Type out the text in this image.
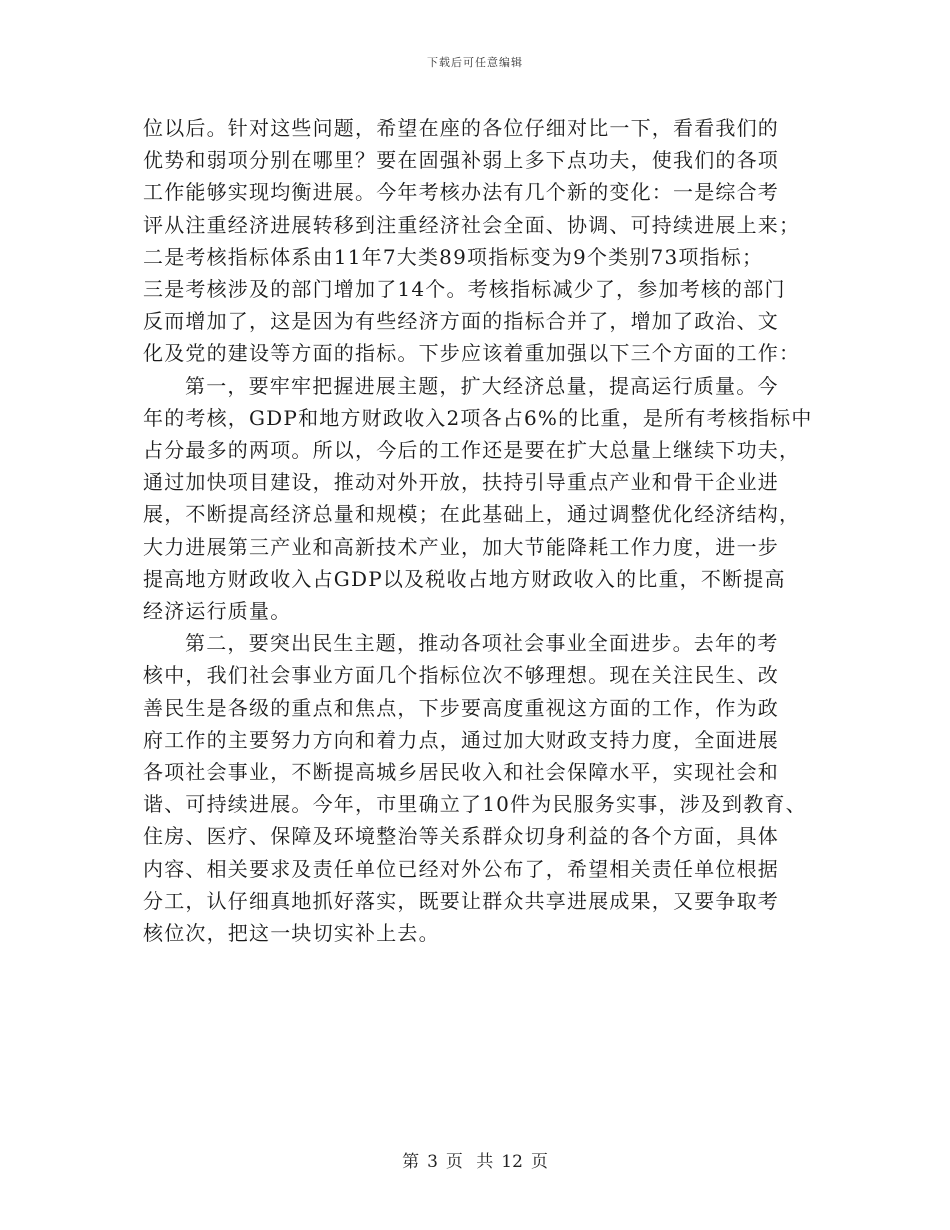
下载后可任意编辑

位以后。针对这些问题，希望在座的各位仔细对比一下，看看我们的
优势和弱项分别在哪里？要在固强补弱上多下点功夫，使我们的各项
工作能够实现均衡进展。今年考核办法有几个新的变化：一是综合考
评从注重经济进展转移到注重经济社会全面、协调、可持续进展上来；
二是考核指标体系由11年7大类89项指标变为9个类别73项指标；
三是考核涉及的部门增加了14个。考核指标减少了，参加考核的部门
反而增加了，这是因为有些经济方面的指标合并了，增加了政治、文
化及党的建设等方面的指标。下步应该着重加强以下三个方面的工作：

第一，要牢牢把握进展主题，扩大经济总量，提高运行质量。今
年的考核，GDP和地方财政收入2项各占6%的比重，是所有考核指标中
占分最多的两项。所以，今后的工作还是要在扩大总量上继续下功夫，
通过加快项目建设，推动对外开放，扶持引导重点产业和骨干企业进
展，不断提高经济总量和规模；在此基础上，通过调整优化经济结构，
大力进展第三产业和高新技术产业，加大节能降耗工作力度，进一步
提高地方财政收入占GDP以及税收占地方财政收入的比重，不断提高
经济运行质量。

第二，要突出民生主题，推动各项社会事业全面进步。去年的考
核中，我们社会事业方面几个指标位次不够理想。现在关注民生、改
善民生是各级的重点和焦点，下步要高度重视这方面的工作，作为政
府工作的主要努力方向和着力点，通过加大财政支持力度，全面进展
各项社会事业，不断提高城乡居民收入和社会保障水平，实现社会和
谐、可持续进展。今年，市里确立了10件为民服务实事，涉及到教育、
住房、医疗、保障及环境整治等关系群众切身利益的各个方面，具体
内容、相关要求及责任单位已经对外公布了，希望相关责任单位根据
分工，认仔细真地抓好落实，既要让群众共享进展成果，又要争取考
核位次，把这一块切实补上去。

第 3 页 共 12 页
